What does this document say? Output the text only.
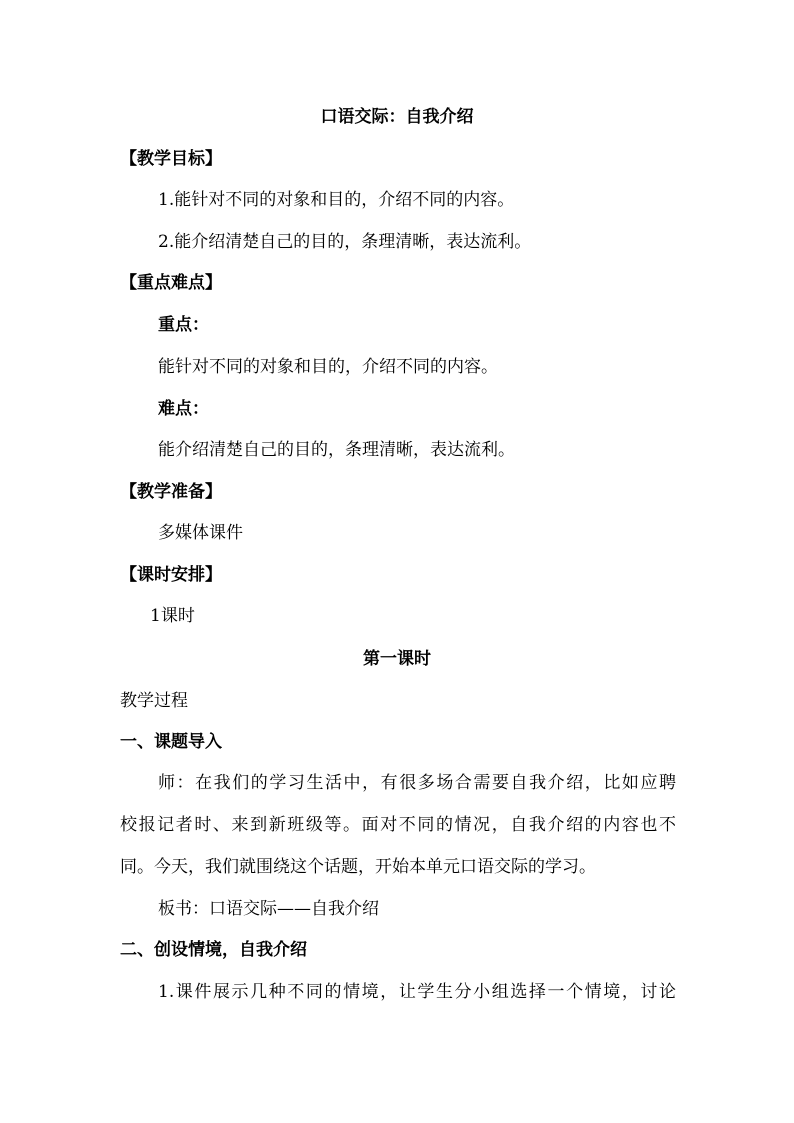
口语交际：自我介绍
【教学目标】
1.能针对不同的对象和目的，介绍不同的内容。
2.能介绍清楚自己的目的，条理清晰，表达流利。
【重点难点】
重点：
能针对不同的对象和目的，介绍不同的内容。
难点：
能介绍清楚自己的目的，条理清晰，表达流利。
【教学准备】
多媒体课件
【课时安排】
1课时
第一课时
教学过程
一、课题导入
师：在我们的学习生活中，有很多场合需要自我介绍，比如应聘
校报记者时、来到新班级等。面对不同的情况，自我介绍的内容也不
同。今天，我们就围绕这个话题，开始本单元口语交际的学习。
板书：口语交际——自我介绍
二、创设情境，自我介绍
1.课件展示几种不同的情境，让学生分小组选择一个情境，讨论
